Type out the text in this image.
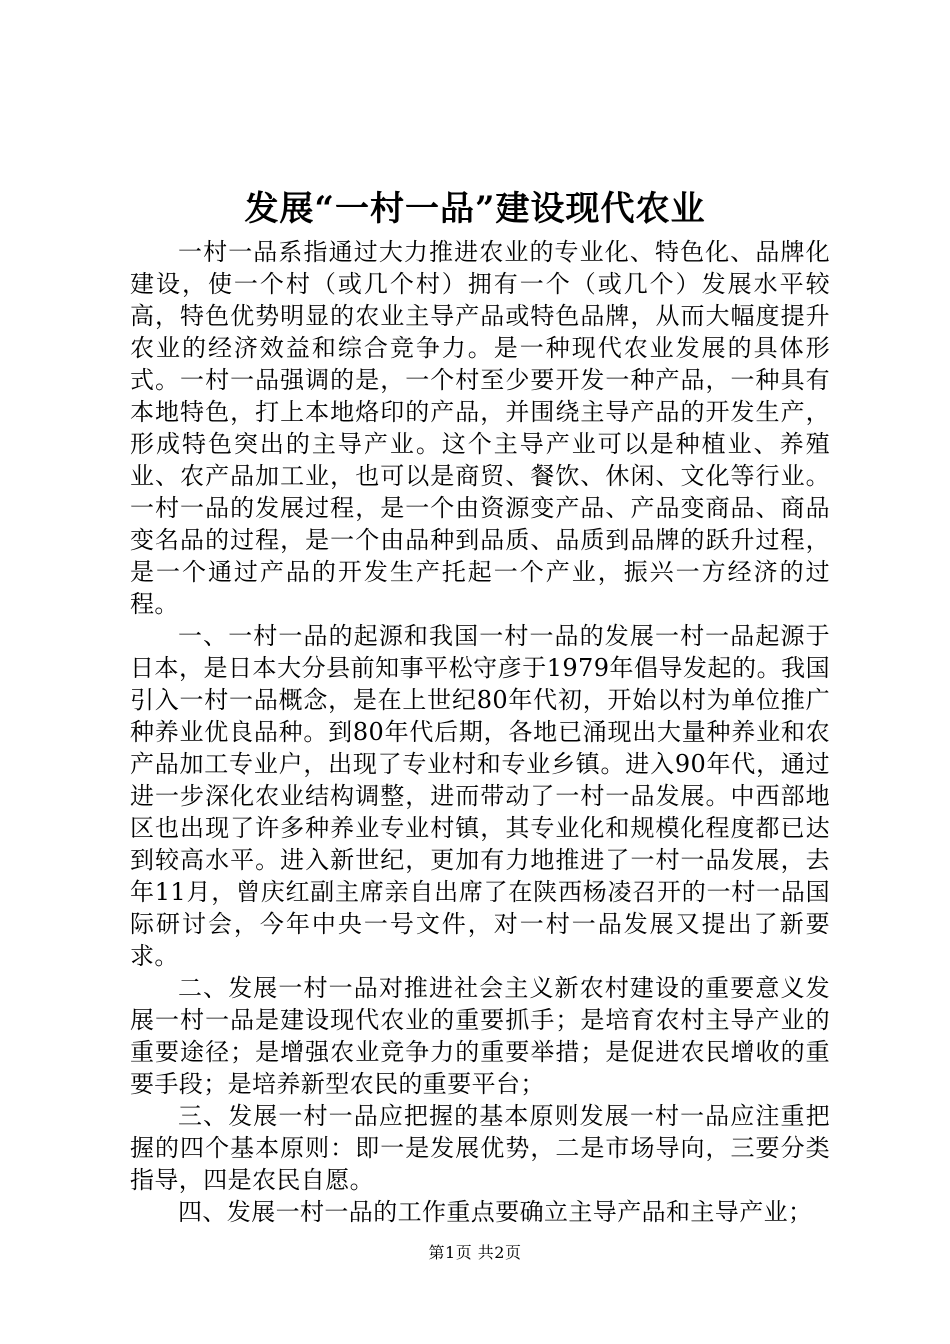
发展“一村一品”建设现代农业

一村一品系指通过大力推进农业的专业化、特色化、品牌化建设，使一个村（或几个村）拥有一个（或几个）发展水平较高，特色优势明显的农业主导产品或特色品牌，从而大幅度提升农业的经济效益和综合竞争力。是一种现代农业发展的具体形式。一村一品强调的是，一个村至少要开发一种产品，一种具有本地特色，打上本地烙印的产品，并围绕主导产品的开发生产，形成特色突出的主导产业。这个主导产业可以是种植业、养殖业、农产品加工业，也可以是商贸、餐饮、休闲、文化等行业。一村一品的发展过程，是一个由资源变产品、产品变商品、商品变名品的过程，是一个由品种到品质、品质到品牌的跃升过程，是一个通过产品的开发生产托起一个产业，振兴一方经济的过程。

一、一村一品的起源和我国一村一品的发展一村一品起源于日本，是日本大分县前知事平松守彦于1979年倡导发起的。我国引入一村一品概念，是在上世纪80年代初，开始以村为单位推广种养业优良品种。到80年代后期，各地已涌现出大量种养业和农产品加工专业户，出现了专业村和专业乡镇。进入90年代，通过进一步深化农业结构调整，进而带动了一村一品发展。中西部地区也出现了许多种养业专业村镇，其专业化和规模化程度都已达到较高水平。进入新世纪，更加有力地推进了一村一品发展，去年11月，曾庆红副主席亲自出席了在陕西杨凌召开的一村一品国际研讨会，今年中央一号文件，对一村一品发展又提出了新要求。

二、发展一村一品对推进社会主义新农村建设的重要意义发展一村一品是建设现代农业的重要抓手；是培育农村主导产业的重要途径；是增强农业竞争力的重要举措；是促进农民增收的重要手段；是培养新型农民的重要平台；

三、发展一村一品应把握的基本原则发展一村一品应注重把握的四个基本原则：即一是发展优势，二是市场导向，三要分类指导，四是农民自愿。

四、发展一村一品的工作重点要确立主导产品和主导产业；

第1页 共2页
